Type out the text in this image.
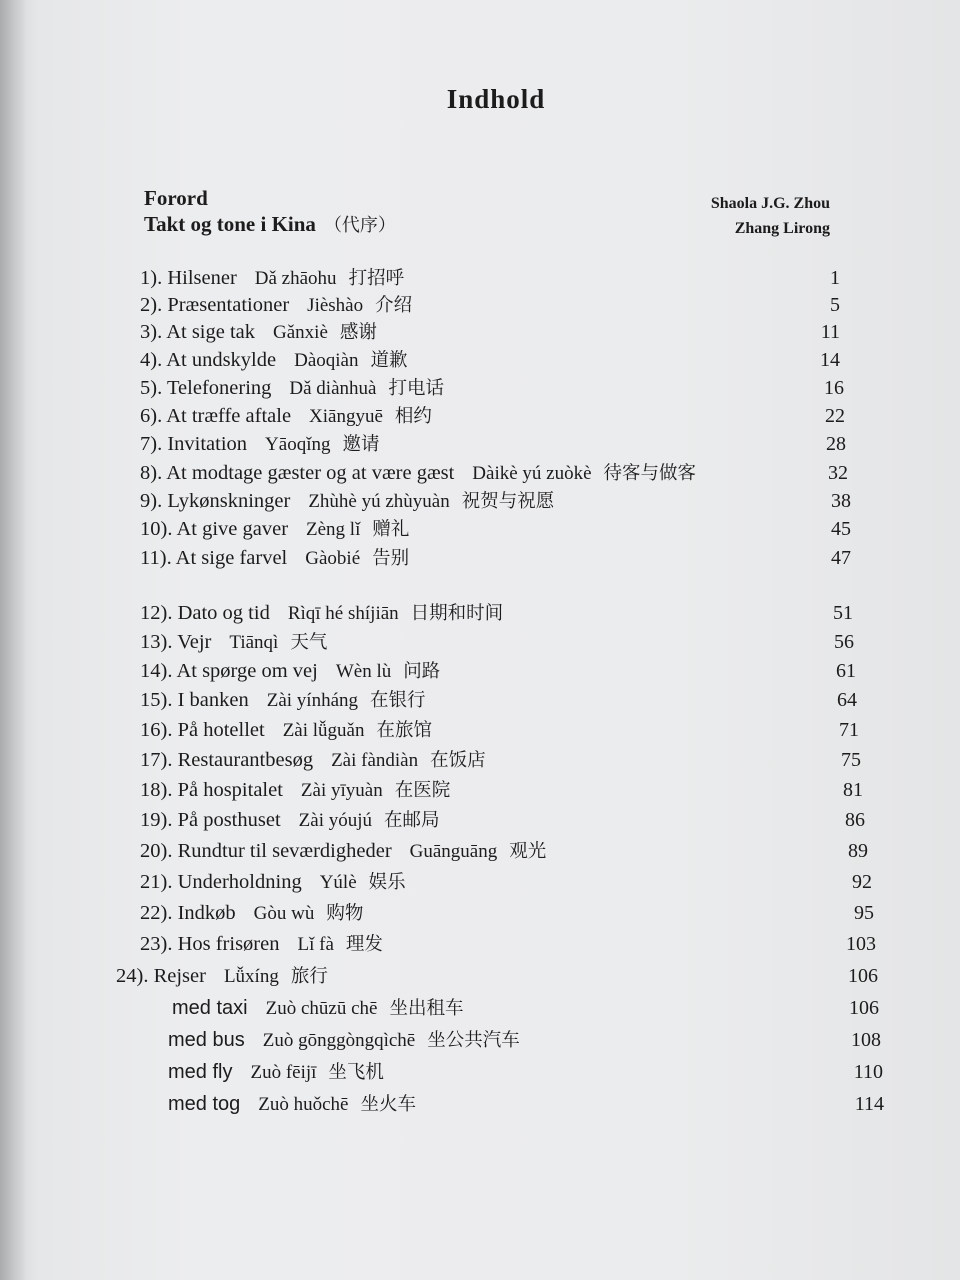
Indhold
Forord
Takt og tone i Kina （代序）
Shaola J.G. Zhou
Zhang Lirong
1). Hilsener Dǎ zhāohu 打招呼	1
2). Præsentationer Jièshào 介绍	5
3). At sige tak Gǎnxiè 感谢	11
4). At undskylde Dàoqiàn 道歉	14
5). Telefonering Dǎ diànhuà 打电话	16
6). At træffe aftale Xiāngyuē 相约	22
7). Invitation Yāoqǐng 邀请	28
8). At modtage gæster og at være gæst Dàikè yú zuòkè 待客与做客	32
9). Lykønskninger Zhùhè yú zhùyuàn 祝贺与祝愿	38
10). At give gaver Zèng lǐ 赠礼	45
11). At sige farvel Gàobié 告别	47
12). Dato og tid Rìqī hé shíjiān 日期和时间	51
13). Vejr Tiānqì 天气	56
14). At spørge om vej Wèn lù 问路	61
15). I banken Zài yínháng 在银行	64
16). På hotellet Zài lǚguǎn 在旅馆	71
17). Restaurantbesøg Zài fàndiàn 在饭店	75
18). På hospitalet Zài yīyuàn 在医院	81
19). På posthuset Zài yóujú 在邮局	86
20). Rundtur til seværdigheder Guānguāng 观光	89
21). Underholdning Yúlè 娱乐	92
22). Indkøb Gòu wù 购物	95
23). Hos frisøren Lǐ fà 理发	103
24). Rejser Lǚxíng 旅行	106
med taxi Zuò chūzū chē 坐出租车	106
med bus Zuò gōnggòngqìchē 坐公共汽车	108
med fly Zuò fēijī 坐飞机	110
med tog Zuò huǒchē 坐火车	114
